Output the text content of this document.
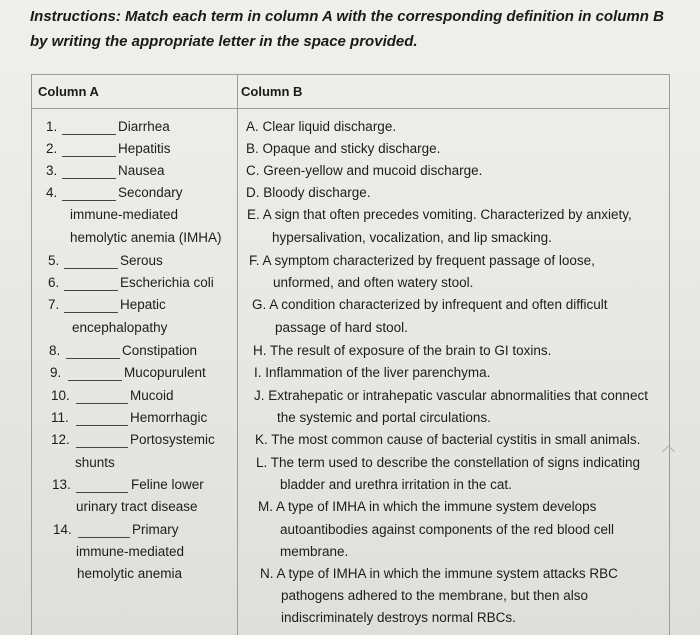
Instructions: Match each term in column A with the corresponding definition in column B
by writing the appropriate letter in the space provided.
Column A	Column B
1.	Diarrhea
2.	Hepatitis
3.	Nausea
4.	Secondary
immune-mediated
hemolytic anemia (IMHA)
5.	Serous
6.	Escherichia coli
7.	Hepatic
encephalopathy
8.	Constipation
9.	Mucopurulent
10.	Mucoid
11.	Hemorrhagic
12.	Portosystemic
shunts
13.	Feline lower
urinary tract disease
14.	Primary
immune-mediated
hemolytic anemia
A. Clear liquid discharge.
B. Opaque and sticky discharge.
C. Green-yellow and mucoid discharge.
D. Bloody discharge.
E. A sign that often precedes vomiting. Characterized by anxiety,
hypersalivation, vocalization, and lip smacking.
F. A symptom characterized by frequent passage of loose,
unformed, and often watery stool.
G. A condition characterized by infrequent and often difficult
passage of hard stool.
H. The result of exposure of the brain to GI toxins.
I. Inflammation of the liver parenchyma.
J. Extrahepatic or intrahepatic vascular abnormalities that connect
the systemic and portal circulations.
K. The most common cause of bacterial cystitis in small animals.
L. The term used to describe the constellation of signs indicating
bladder and urethra irritation in the cat.
M. A type of IMHA in which the immune system develops
autoantibodies against components of the red blood cell
membrane.
N. A type of IMHA in which the immune system attacks RBC
pathogens adhered to the membrane, but then also
indiscriminately destroys normal RBCs.
